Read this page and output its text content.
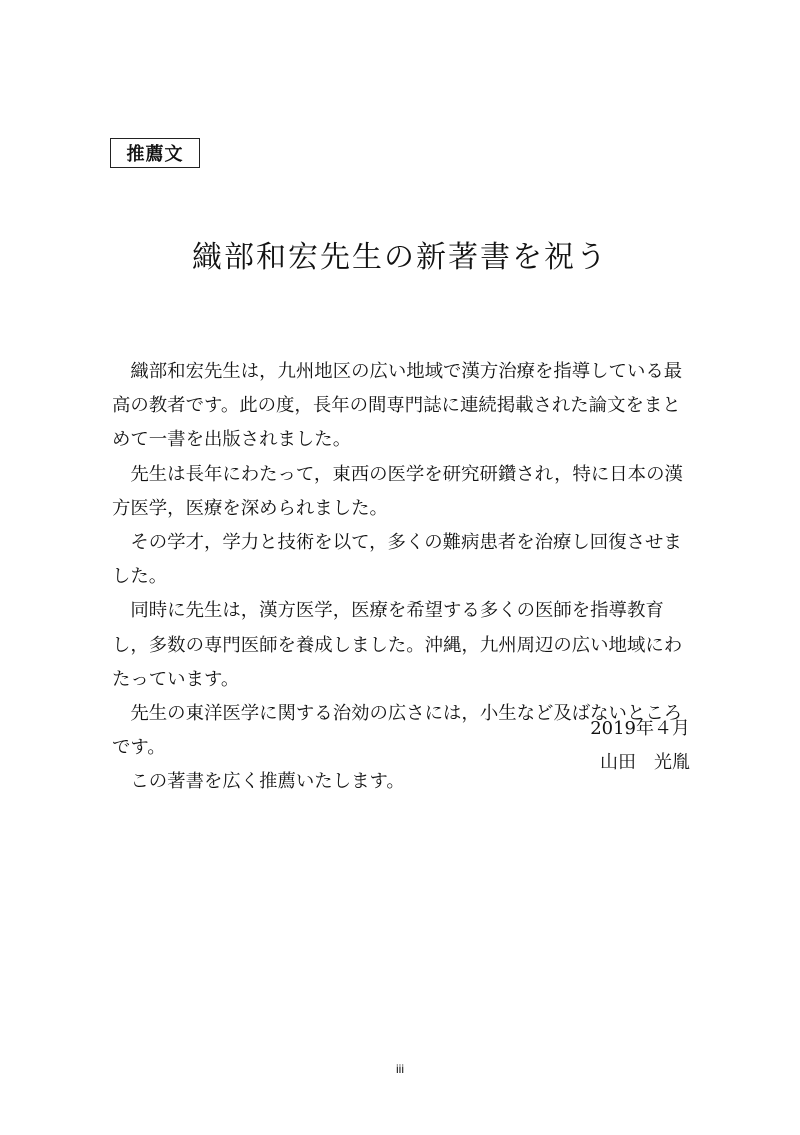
推薦文
織部和宏先生の新著書を祝う

織部和宏先生は，九州地区の広い地域で漢方治療を指導している最高の教者です。此の度，長年の間専門誌に連続掲載された論文をまとめて一書を出版されました。

先生は長年にわたって，東西の医学を研究研鑽され，特に日本の漢方医学，医療を深められました。

その学才，学力と技術を以て，多くの難病患者を治療し回復させました。

同時に先生は，漢方医学，医療を希望する多くの医師を指導教育し，多数の専門医師を養成しました。沖縄，九州周辺の広い地域にわたっています。

先生の東洋医学に関する治効の広さには，小生など及ばないところです。

この著書を広く推薦いたします。

2019年４月
山田　光胤
iii
